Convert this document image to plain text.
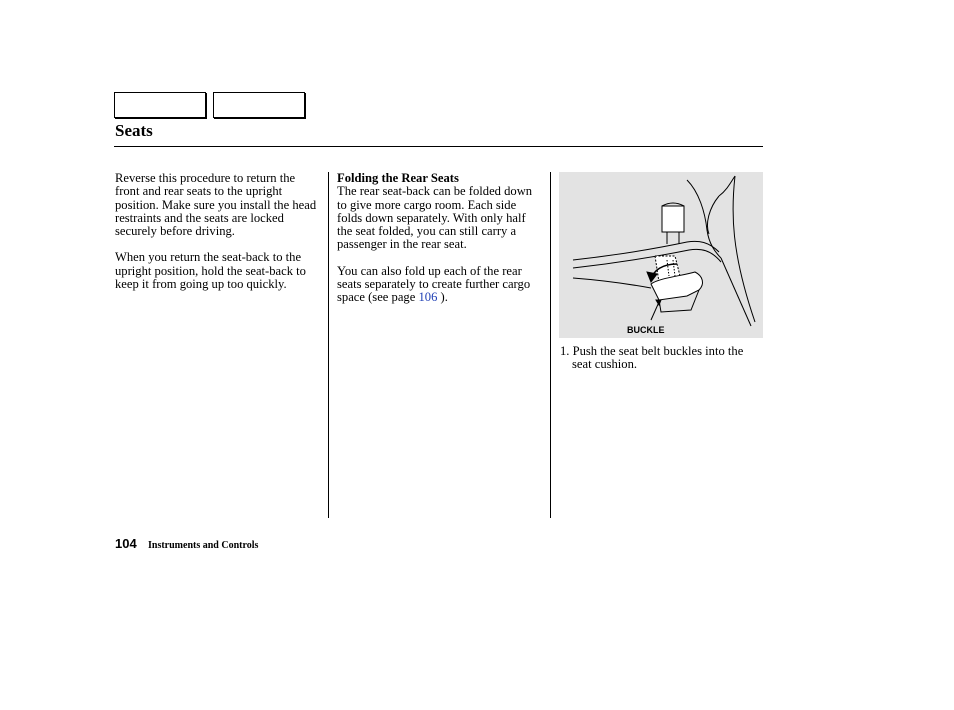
Seats

Reverse this procedure to return the front and rear seats to the upright position. Make sure you install the head restraints and the seats are locked securely before driving.

When you return the seat-back to the upright position, hold the seat-back to keep it from going up too quickly.

Folding the Rear Seats
The rear seat-back can be folded down to give more cargo room. Each side folds down separately. With only half the seat folded, you can still carry a passenger in the rear seat.

You can also fold up each of the rear seats separately to create further cargo space (see page 106 ).

BUCKLE
1. Push the seat belt buckles into the seat cushion.
104 Instruments and Controls
